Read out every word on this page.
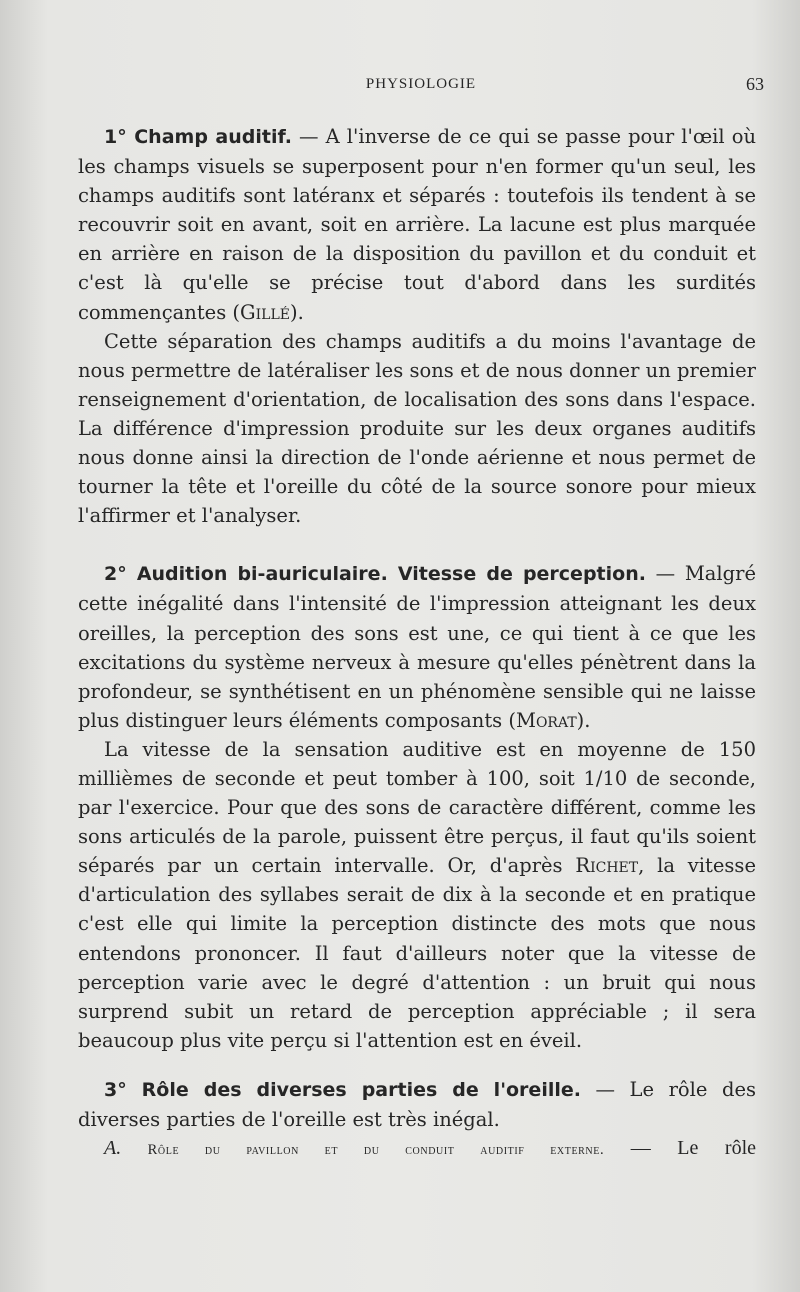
PHYSIOLOGIE	63

1° Champ auditif. — A l'inverse de ce qui se passe pour l'œil où les champs visuels se superposent pour n'en former qu'un seul, les champs auditifs sont latéranx et séparés : toutefois ils tendent à se recouvrir soit en avant, soit en arrière. La lacune est plus marquée en arrière en raison de la disposition du pavillon et du conduit et c'est là qu'elle se précise tout d'abord dans les surdités commençantes (Gillé).

Cette séparation des champs auditifs a du moins l'avantage de nous permettre de latéraliser les sons et de nous donner un premier renseignement d'orientation, de localisation des sons dans l'espace. La différence d'impression produite sur les deux organes auditifs nous donne ainsi la direction de l'onde aérienne et nous permet de tourner la tête et l'oreille du côté de la source sonore pour mieux l'affirmer et l'analyser.

2° Audition bi-auriculaire. Vitesse de perception. — Malgré cette inégalité dans l'intensité de l'impression atteignant les deux oreilles, la perception des sons est une, ce qui tient à ce que les excitations du système nerveux à mesure qu'elles pénètrent dans la profondeur, se synthétisent en un phénomène sensible qui ne laisse plus distinguer leurs éléments composants (Morat).

La vitesse de la sensation auditive est en moyenne de 150 millièmes de seconde et peut tomber à 100, soit 1/10 de seconde, par l'exercice. Pour que des sons de caractère différent, comme les sons articulés de la parole, puissent être perçus, il faut qu'ils soient séparés par un certain intervalle. Or, d'après Richet, la vitesse d'articulation des syllabes serait de dix à la seconde et en pratique c'est elle qui limite la perception distincte des mots que nous entendons prononcer. Il faut d'ailleurs noter que la vitesse de perception varie avec le degré d'attention : un bruit qui nous surprend subit un retard de perception appréciable ; il sera beaucoup plus vite perçu si l'attention est en éveil.

3° Rôle des diverses parties de l'oreille. — Le rôle des diverses parties de l'oreille est très inégal.

A. Rôle du pavillon et du conduit auditif externe. — Le rôle
